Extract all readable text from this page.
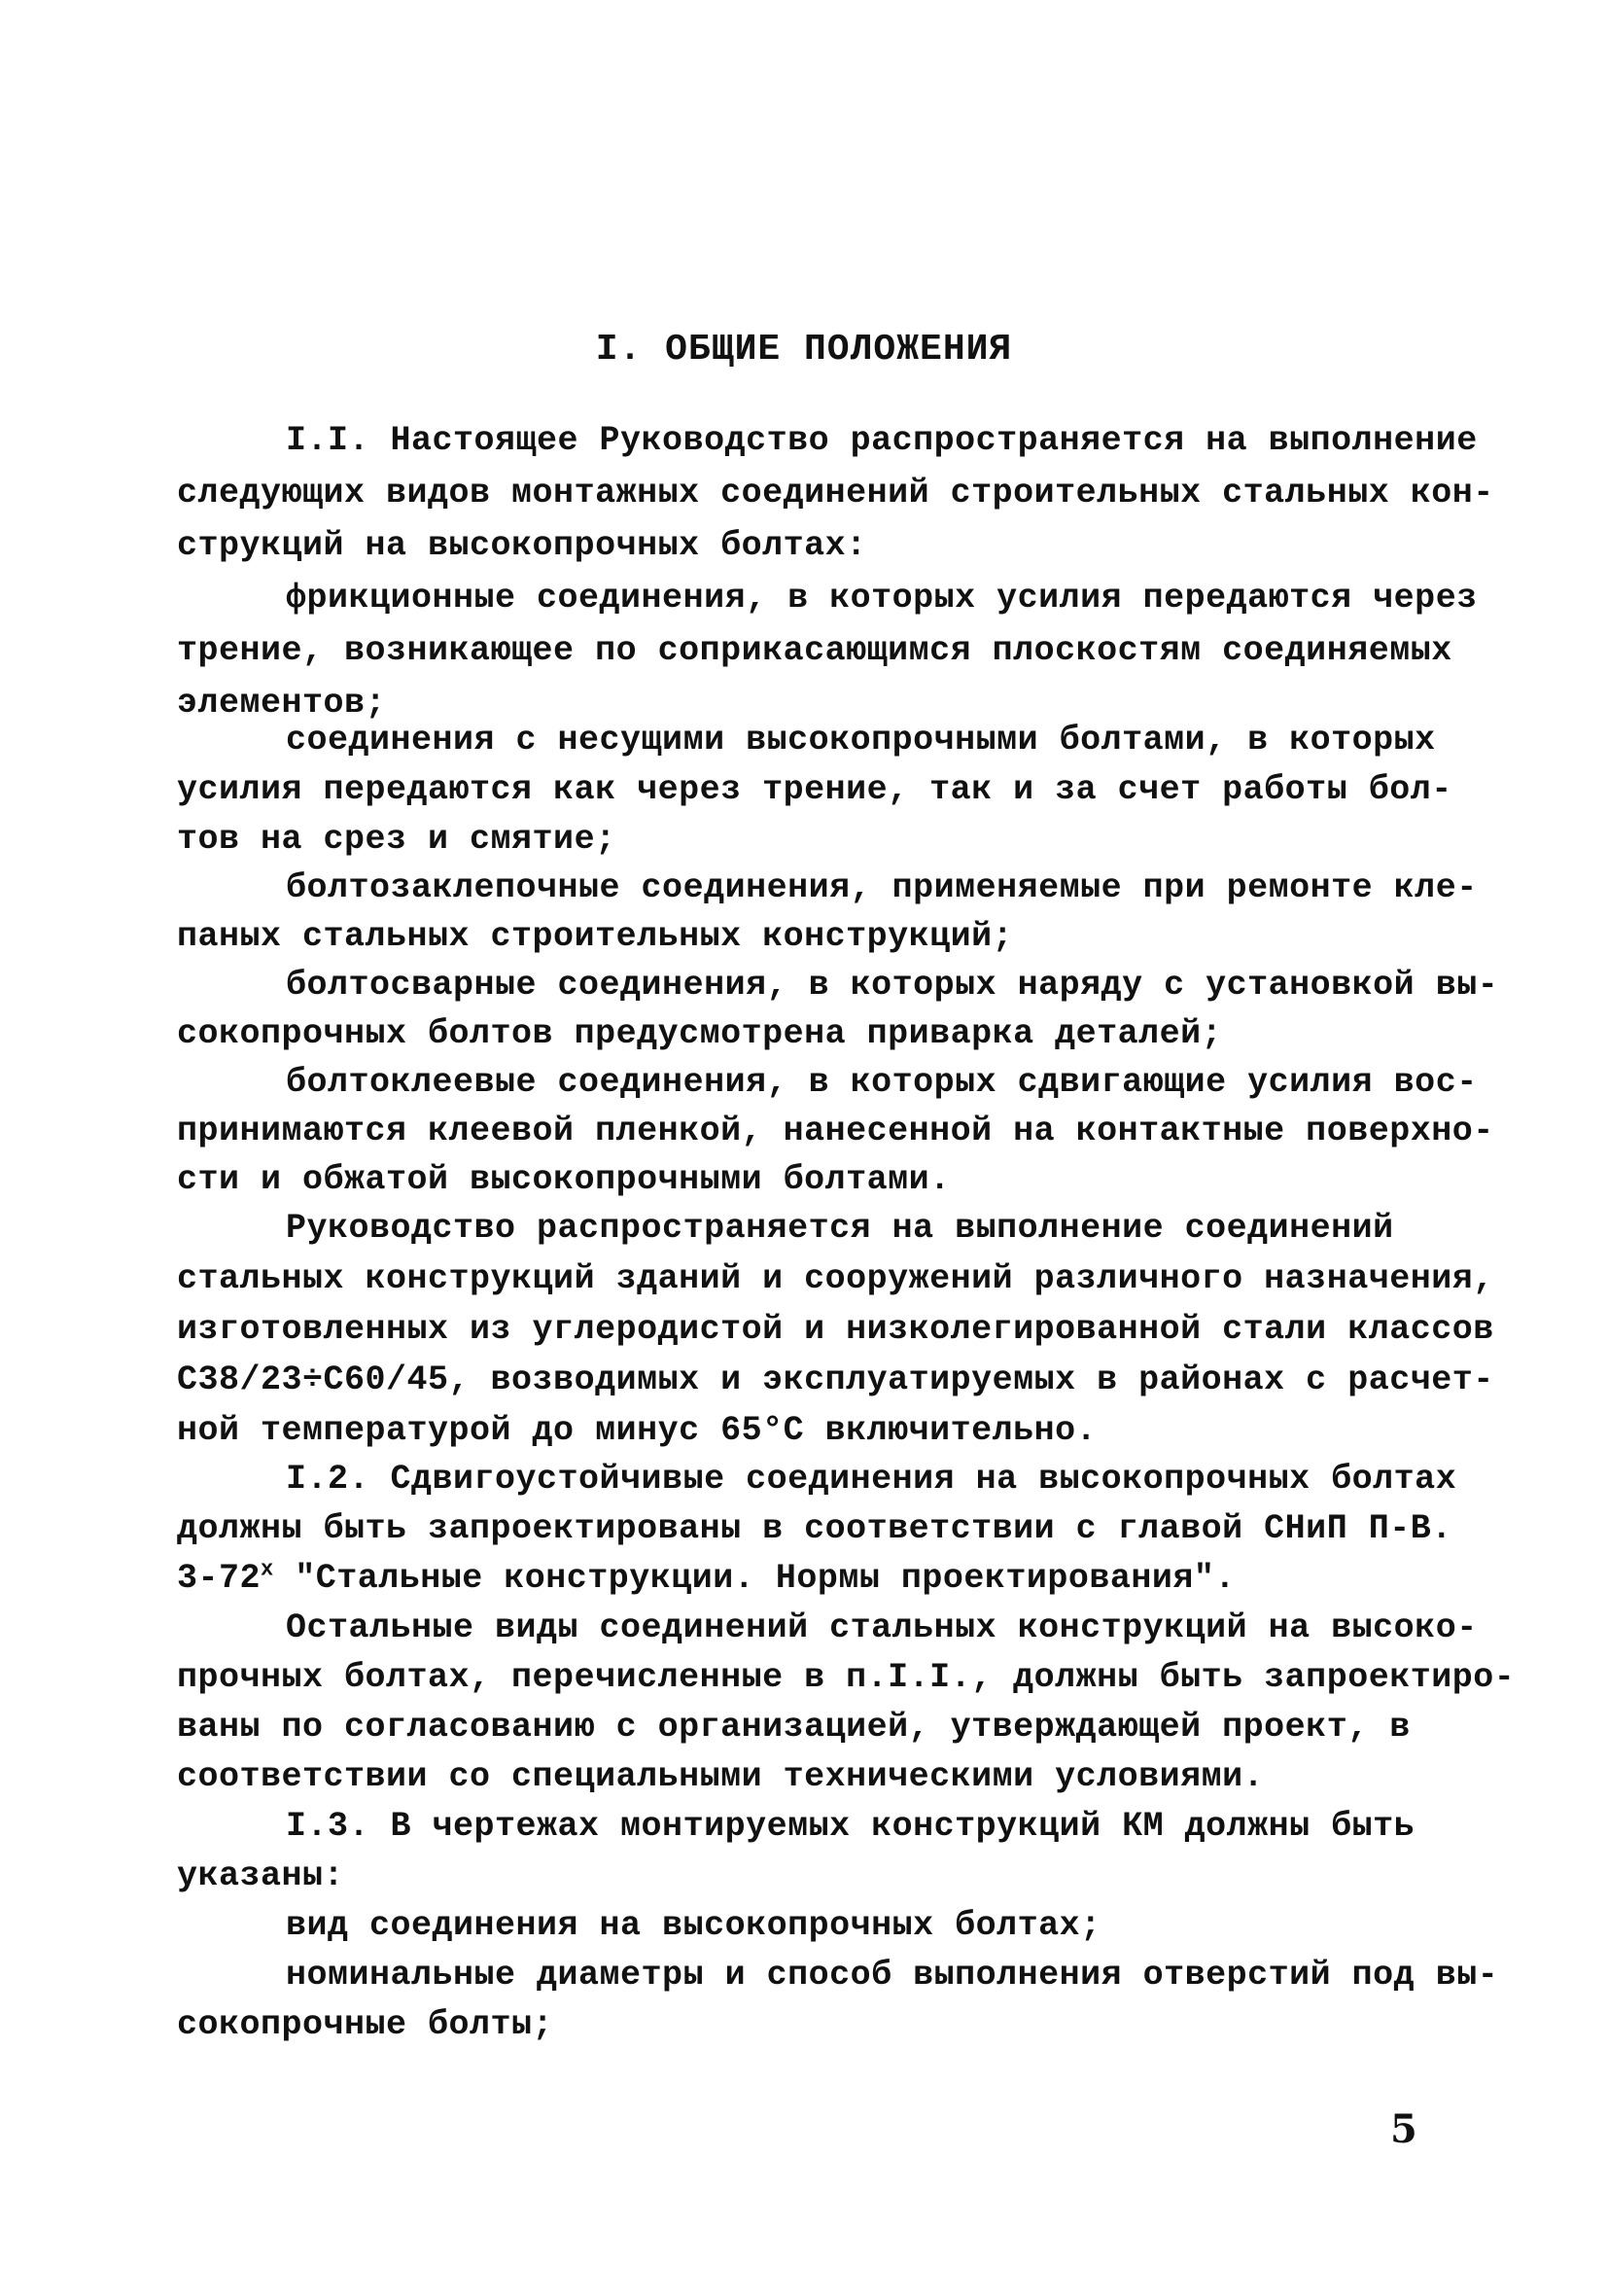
I. ОБЩИЕ ПОЛОЖЕНИЯ
I.I. Настоящее Руководство распространяется на выполнение
следующих видов монтажных соединений строительных стальных кон-
струкций на высокопрочных болтах:
фрикционные соединения, в которых усилия передаются через
трение, возникающее по соприкасающимся плоскостям соединяемых
элементов;
соединения с несущими высокопрочными болтами, в которых
усилия передаются как через трение, так и за счет работы бол-
тов на срез и смятие;
болтозаклепочные соединения, применяемые при ремонте кле-
паных стальных строительных конструкций;
болтосварные соединения, в которых наряду с установкой вы-
сокопрочных болтов предусмотрена приварка деталей;
болтоклеевые соединения, в которых сдвигающие усилия вос-
принимаются клеевой пленкой, нанесенной на контактные поверхно-
сти и обжатой высокопрочными болтами.
Руководство распространяется на выполнение соединений
стальных конструкций зданий и сооружений различного назначения,
изготовленных из углеродистой и низколегированной стали классов
С38/23÷С60/45, возводимых и эксплуатируемых в районах с расчет-
ной температурой до минус 65°С включительно.
I.2. Сдвигоустойчивые соединения на высокопрочных болтах
должны быть запроектированы в соответствии с главой СНиП П-В.
$3-72^х$ "Стальные конструкции. Нормы проектирования".
Остальные виды соединений стальных конструкций на высоко-
прочных болтах, перечисленные в п.I.I., должны быть запроектиро-
ваны по согласованию с организацией, утверждающей проект, в
соответствии со специальными техническими условиями.
I.3. В чертежах монтируемых конструкций КМ должны быть
указаны:
вид соединения на высокопрочных болтах;
номинальные диаметры и способ выполнения отверстий под вы-
сокопрочные болты;
5
